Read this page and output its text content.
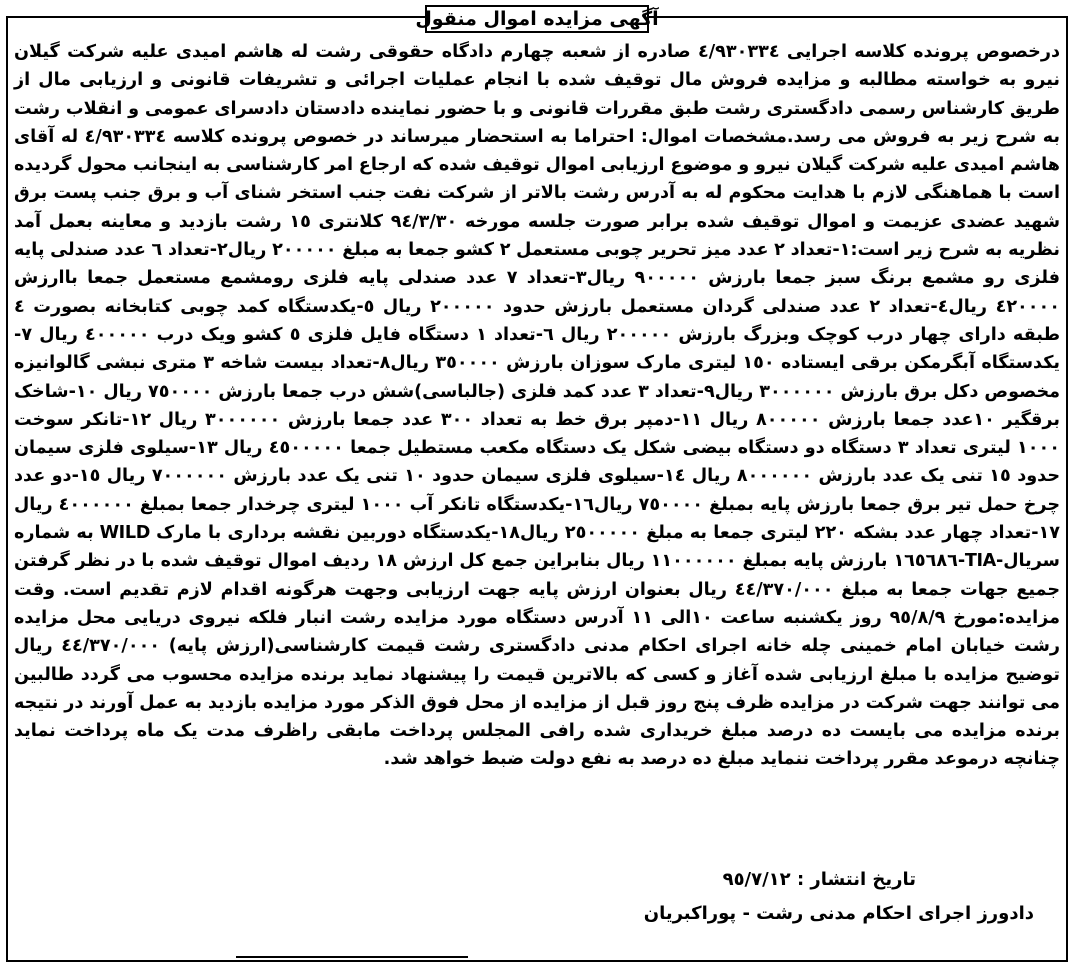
آگهی مزایده اموال منقول

درخصوص پرونده کلاسه اجرایی ٤/٩٣٠٣٣٤ صادره از شعبه چهارم دادگاه حقوقی رشت له هاشم امیدی علیه شرکت گیلان نیرو به خواسته مطالبه و مزایده فروش مال توقیف شده با انجام عملیات اجرائی و تشریفات قانونی و ارزیابی مال از طریق کارشناس رسمی دادگستری رشت طبق مقررات قانونی و با حضور نماینده دادستان دادسرای عمومی و انقلاب رشت به شرح زیر به فروش می رسد.مشخصات اموال: احتراما به استحضار میرساند در خصوص پرونده کلاسه ٤/٩٣٠٣٣٤ له آقای هاشم امیدی علیه شرکت گیلان نیرو و موضوع ارزیابی اموال توقیف شده که ارجاع امر کارشناسی به اینجانب محول گردیده است با هماهنگی لازم با هدایت محکوم له به آدرس رشت بالاتر از شرکت نفت جنب استخر شنای آب و برق جنب پست برق شهید عضدی عزیمت و اموال توقیف شده برابر صورت جلسه مورخه ٩٤/٣/٣٠ کلانتری ١٥ رشت بازدید و معاینه بعمل آمد نظریه به شرح زیر است:١-تعداد ٢ عدد میز تحریر چوبی مستعمل ٢ کشو جمعا به مبلغ ٢٠٠٠٠٠ ریال٢-تعداد ٦ عدد صندلی پایه فلزی رو مشمع برنگ سبز جمعا بارزش ٩٠٠٠٠٠ ریال٣-تعداد ٧ عدد صندلی پایه فلزی رومشمع مستعمل جمعا باارزش ٤٢٠٠٠٠ ریال٤-تعداد ٢ عدد صندلی گردان مستعمل بارزش حدود ٢٠٠٠٠٠ ریال ٥-یکدستگاه کمد چوبی کتابخانه بصورت ٤ طبقه دارای چهار درب کوچک وبزرگ بارزش ٢٠٠٠٠٠ ریال ٦-تعداد ١ دستگاه فایل فلزی ٥ کشو ویک درب ٤٠٠٠٠٠ ریال ٧-یکدستگاه آبگرمکن برقی ایستاده ١٥٠ لیتری مارک سوزان بارزش ٣٥٠٠٠٠ ریال٨-تعداد بیست شاخه ٣ متری نبشی گالوانیزه مخصوص دکل برق بارزش ٣٠٠٠٠٠٠ ریال٩-تعداد ٣ عدد کمد فلزی (جالباسی)شش درب جمعا بارزش ٧٥٠٠٠٠ ریال ١٠-شاخک برقگیر ١٠عدد جمعا بارزش ٨٠٠٠٠٠ ریال ١١-دمپر برق خط به تعداد ٣٠٠ عدد جمعا بارزش ٣٠٠٠٠٠٠ ریال ١٢-تانکر سوخت ١٠٠٠ لیتری تعداد ٣ دستگاه دو دستگاه بیضی شکل یک دستگاه مکعب مستطیل جمعا ٤٥٠٠٠٠٠ ریال ١٣-سیلوی فلزی سیمان حدود ١٥ تنی یک عدد بارزش ٨٠٠٠٠٠٠ ریال ١٤-سیلوی فلزی سیمان حدود ١٠ تنی یک عدد بارزش ٧٠٠٠٠٠٠ ریال ١٥-دو عدد چرخ حمل تیر برق جمعا بارزش پایه بمبلغ ٧٥٠٠٠٠ ریال١٦-یکدستگاه تانکر آب ١٠٠٠ لیتری چرخدار جمعا بمبلغ ٤٠٠٠٠٠٠ ریال ١٧-تعداد چهار عدد بشکه ٢٢٠ لیتری جمعا به مبلغ ٢٥٠٠٠٠٠ ریال١٨-یکدستگاه دوربین نقشه برداری با مارک WILD به شماره سریال-TIA-١٦٥٦٨٦ بارزش پایه بمبلغ ١١٠٠٠٠٠٠ ریال بنابراین جمع کل ارزش ١٨ ردیف اموال توقیف شده با در نظر گرفتن جمیع جهات جمعا به مبلغ ٤٤/٣٧٠/٠٠٠ ریال بعنوان ارزش پایه جهت ارزیابی وجهت هرگونه اقدام لازم تقدیم است. وقت مزایده:مورخ ٩٥/٨/٩ روز یکشنبه ساعت ١٠الی ١١ آدرس دستگاه مورد مزایده رشت انبار فلکه نیروی دریایی محل مزایده رشت خیابان امام خمینی چله خانه اجرای احکام مدنی دادگستری رشت قیمت کارشناسی(ارزش پایه) ٤٤/٣٧٠/٠٠٠ ریال توضیح مزایده با مبلغ ارزیابی شده آغاز و کسی که بالاترین قیمت را پیشنهاد نماید برنده مزایده محسوب می گردد طالبین می توانند جهت شرکت در مزایده ظرف پنج روز قبل از مزایده از محل فوق الذکر مورد مزایده بازدید به عمل آورند در نتیجه برنده مزایده می بایست ده درصد مبلغ خریداری شده رافی المجلس پرداخت مابقی راظرف مدت یک ماه پرداخت نماید چنانچه درموعد مقرر پرداخت ننماید مبلغ ده درصد به نفع دولت ضبط خواهد شد.

تاریخ انتشار : ٩٥/٧/١٢
دادورز اجرای احکام مدنی رشت - پوراکبریان
